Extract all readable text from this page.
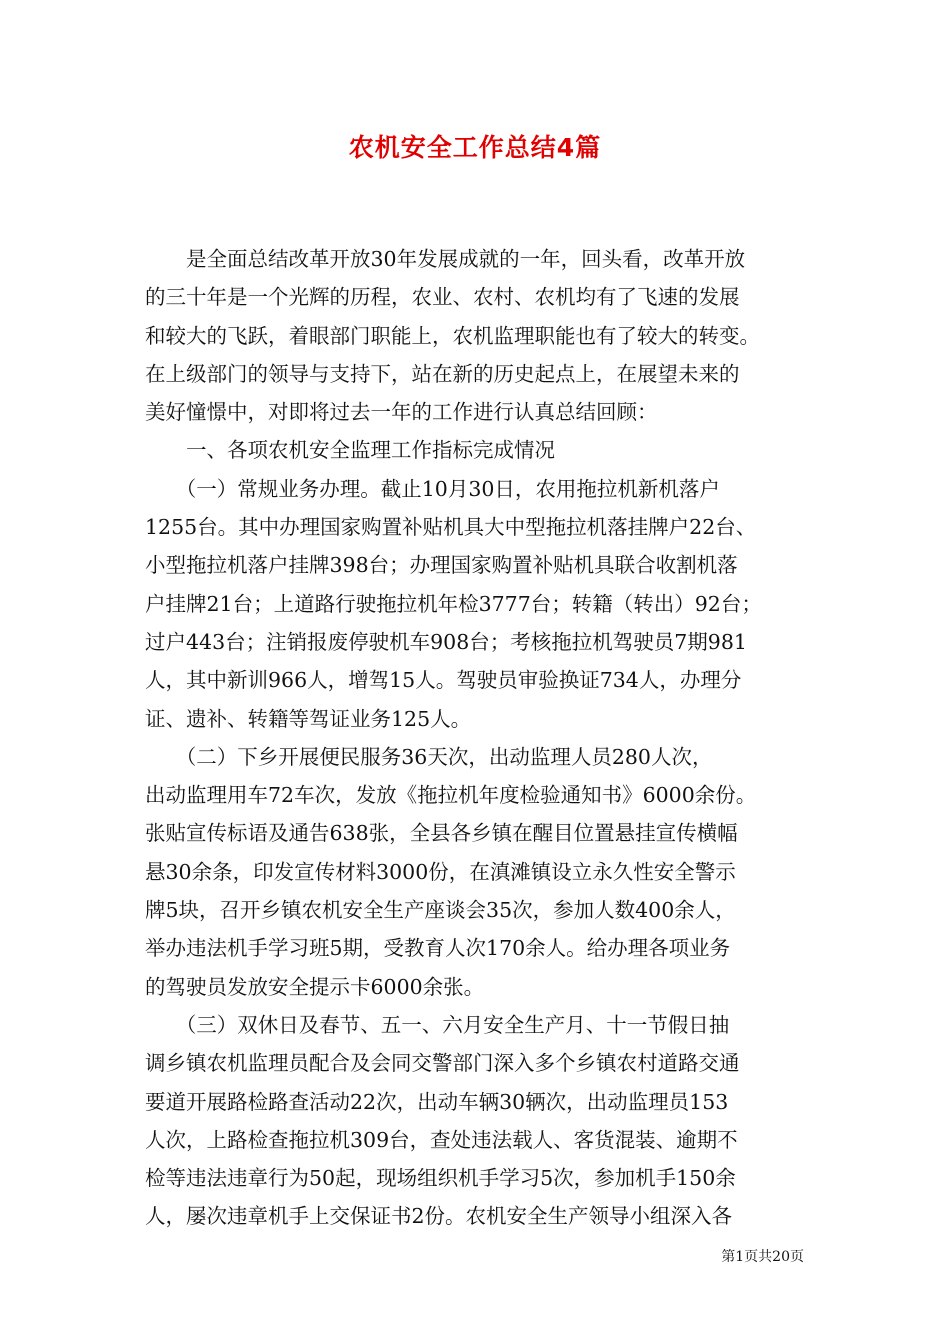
农机安全工作总结4篇
　　是全面总结改革开放30年发展成就的一年，回头看，改革开放
的三十年是一个光辉的历程，农业、农村、农机均有了飞速的发展
和较大的飞跃，着眼部门职能上，农机监理职能也有了较大的转变。
在上级部门的领导与支持下，站在新的历史起点上，在展望未来的
美好憧憬中，对即将过去一年的工作进行认真总结回顾：
　　一、各项农机安全监理工作指标完成情况
　　（一）常规业务办理。截止10月30日，农用拖拉机新机落户
1255台。其中办理国家购置补贴机具大中型拖拉机落挂牌户22台、
小型拖拉机落户挂牌398台；办理国家购置补贴机具联合收割机落
户挂牌21台；上道路行驶拖拉机年检3777台；转籍（转出）92台；
过户443台；注销报废停驶机车908台；考核拖拉机驾驶员7期981
人，其中新训966人，增驾15人。驾驶员审验换证734人，办理分
证、遗补、转籍等驾证业务125人。
　　（二）下乡开展便民服务36天次，出动监理人员280人次，
出动监理用车72车次，发放《拖拉机年度检验通知书》6000余份。
张贴宣传标语及通告638张，全县各乡镇在醒目位置悬挂宣传横幅
悬30余条，印发宣传材料3000份，在滇滩镇设立永久性安全警示
牌5块，召开乡镇农机安全生产座谈会35次，参加人数400余人，
举办违法机手学习班5期，受教育人次170余人。给办理各项业务
的驾驶员发放安全提示卡6000余张。
　　（三）双休日及春节、五一、六月安全生产月、十一节假日抽
调乡镇农机监理员配合及会同交警部门深入多个乡镇农村道路交通
要道开展路检路查活动22次，出动车辆30辆次，出动监理员153
人次，上路检查拖拉机309台，查处违法载人、客货混装、逾期不
检等违法违章行为50起，现场组织机手学习5次，参加机手150余
人，屡次违章机手上交保证书2份。农机安全生产领导小组深入各
第1页共20页
